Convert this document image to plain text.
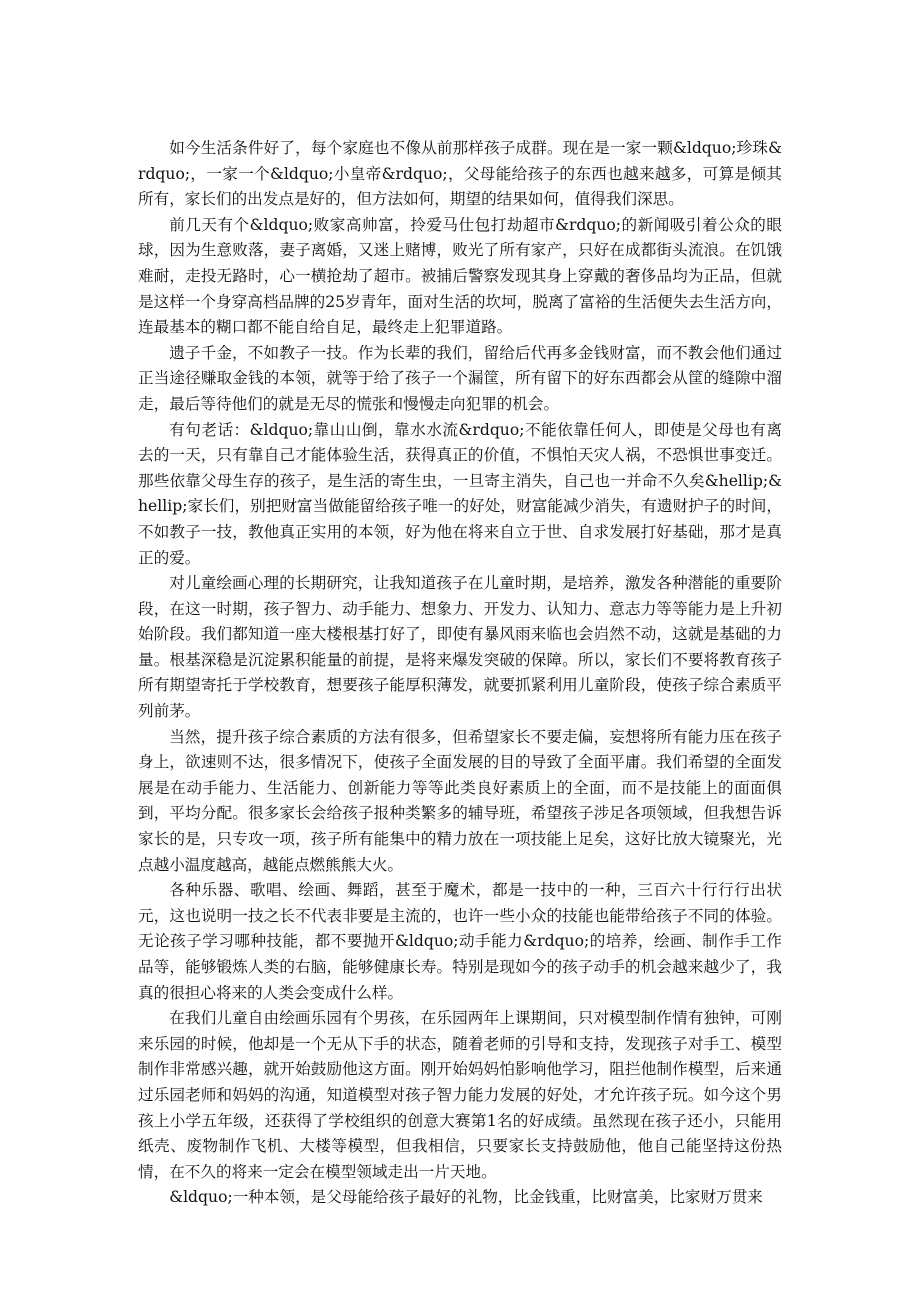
如今生活条件好了，每个家庭也不像从前那样孩子成群。现在是一家一颗&ldquo;珍珠&rdquo;，一家一个&ldquo;小皇帝&rdquo;，父母能给孩子的东西也越来越多，可算是倾其所有，家长们的出发点是好的，但方法如何，期望的结果如何，值得我们深思。

前几天有个&ldquo;败家高帅富，拎爱马仕包打劫超市&rdquo;的新闻吸引着公众的眼球，因为生意败落，妻子离婚，又迷上赌博，败光了所有家产，只好在成都街头流浪。在饥饿难耐，走投无路时，心一横抢劫了超市。被捕后警察发现其身上穿戴的奢侈品均为正品，但就是这样一个身穿高档品牌的25岁青年，面对生活的坎坷，脱离了富裕的生活便失去生活方向，连最基本的糊口都不能自给自足，最终走上犯罪道路。

遗子千金，不如教子一技。作为长辈的我们，留给后代再多金钱财富，而不教会他们通过正当途径赚取金钱的本领，就等于给了孩子一个漏筐，所有留下的好东西都会从筐的缝隙中溜走，最后等待他们的就是无尽的慌张和慢慢走向犯罪的机会。

有句老话：&ldquo;靠山山倒，靠水水流&rdquo;不能依靠任何人，即使是父母也有离去的一天，只有靠自己才能体验生活，获得真正的价值，不惧怕天灾人祸，不恐惧世事变迁。那些依靠父母生存的孩子，是生活的寄生虫，一旦寄主消失，自己也一并命不久矣&hellip;&hellip;家长们，别把财富当做能留给孩子唯一的好处，财富能减少消失，有遗财护子的时间，不如教子一技，教他真正实用的本领，好为他在将来自立于世、自求发展打好基础，那才是真正的爱。

对儿童绘画心理的长期研究，让我知道孩子在儿童时期，是培养，激发各种潜能的重要阶段，在这一时期，孩子智力、动手能力、想象力、开发力、认知力、意志力等等能力是上升初始阶段。我们都知道一座大楼根基打好了，即使有暴风雨来临也会岿然不动，这就是基础的力量。根基深稳是沉淀累积能量的前提，是将来爆发突破的保障。所以，家长们不要将教育孩子所有期望寄托于学校教育，想要孩子能厚积薄发，就要抓紧利用儿童阶段，使孩子综合素质平列前茅。

当然，提升孩子综合素质的方法有很多，但希望家长不要走偏，妄想将所有能力压在孩子身上，欲速则不达，很多情况下，使孩子全面发展的目的导致了全面平庸。我们希望的全面发展是在动手能力、生活能力、创新能力等等此类良好素质上的全面，而不是技能上的面面俱到，平均分配。很多家长会给孩子报种类繁多的辅导班，希望孩子涉足各项领域，但我想告诉家长的是，只专攻一项，孩子所有能集中的精力放在一项技能上足矣，这好比放大镜聚光，光点越小温度越高，越能点燃熊熊大火。

各种乐器、歌唱、绘画、舞蹈，甚至于魔术，都是一技中的一种，三百六十行行行出状元，这也说明一技之长不代表非要是主流的，也许一些小众的技能也能带给孩子不同的体验。无论孩子学习哪种技能，都不要抛开&ldquo;动手能力&rdquo;的培养，绘画、制作手工作品等，能够锻炼人类的右脑，能够健康长寿。特别是现如今的孩子动手的机会越来越少了，我真的很担心将来的人类会变成什么样。

在我们儿童自由绘画乐园有个男孩，在乐园两年上课期间，只对模型制作情有独钟，可刚来乐园的时候，他却是一个无从下手的状态，随着老师的引导和支持，发现孩子对手工、模型制作非常感兴趣，就开始鼓励他这方面。刚开始妈妈怕影响他学习，阻拦他制作模型，后来通过乐园老师和妈妈的沟通，知道模型对孩子智力能力发展的好处，才允许孩子玩。如今这个男孩上小学五年级，还获得了学校组织的创意大赛第1名的好成绩。虽然现在孩子还小，只能用纸壳、废物制作飞机、大楼等模型，但我相信，只要家长支持鼓励他，他自己能坚持这份热情，在不久的将来一定会在模型领域走出一片天地。

&ldquo;一种本领，是父母能给孩子最好的礼物，比金钱重，比财富美，比家财万贯来
